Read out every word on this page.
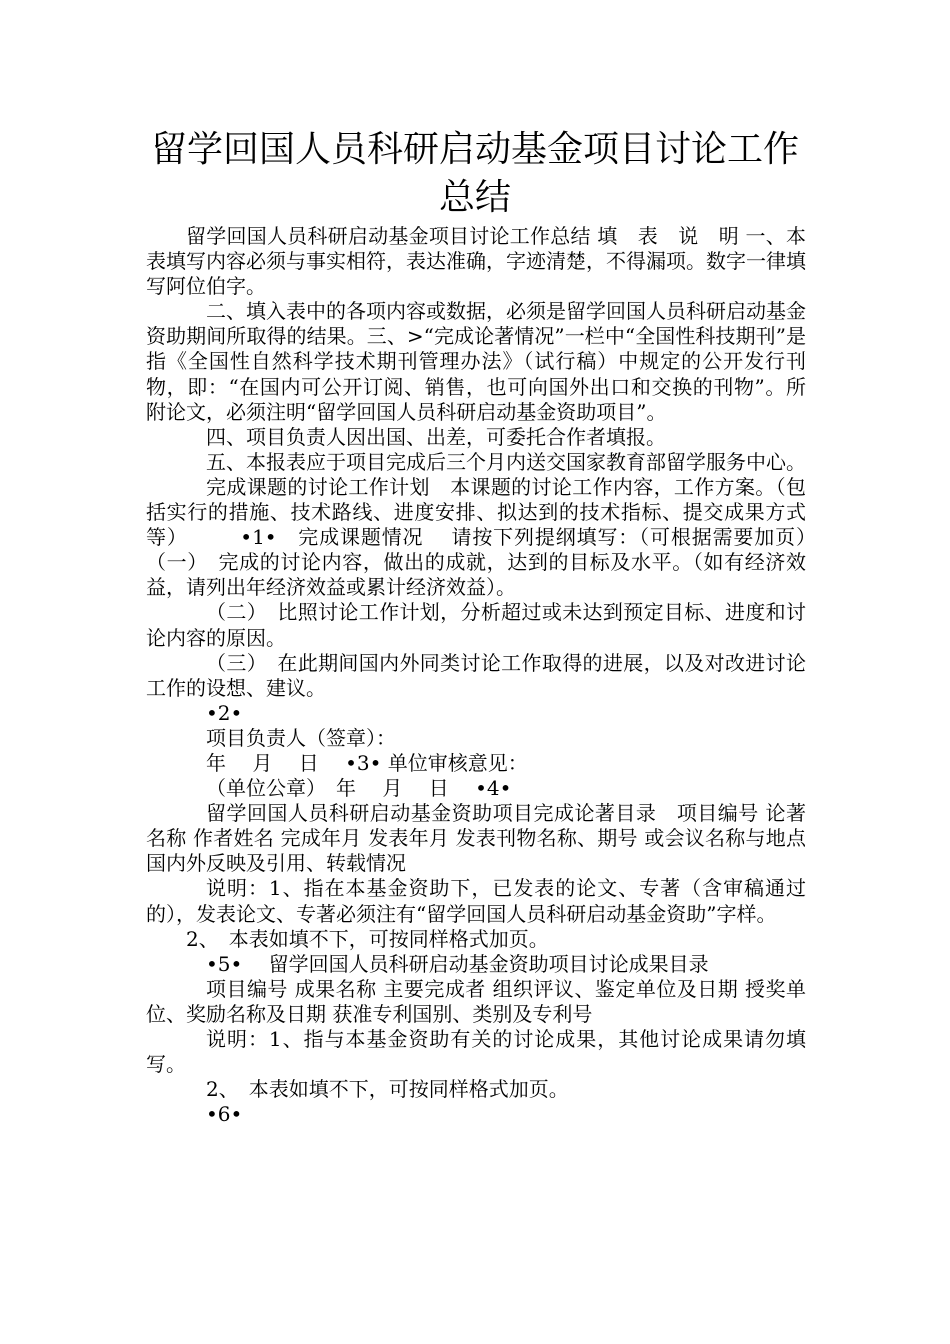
留学回国人员科研启动基金项目讨论工作
总结

留学回国人员科研启动基金项目讨论工作总结 填　表　说　明 一、本表填写内容必须与事实相符，表达准确，字迹清楚，不得漏项。数字一律填写阿位伯字。

二、填入表中的各项内容或数据，必须是留学回国人员科研启动基金资助期间所取得的结果。三、>“完成论著情况”一栏中“全国性科技期刊”是指《全国性自然科学技术期刊管理办法》（试行稿）中规定的公开发行刊物，即：“在国内可公开订阅、销售，也可向国外出口和交换的刊物”。所附论文，必须注明“留学回国人员科研启动基金资助项目”。

四、项目负责人因出国、出差，可委托合作者填报。

五、本报表应于项目完成后三个月内送交国家教育部留学服务中心。

完成课题的讨论工作计划　本课题的讨论工作内容，工作方案。（包括实行的措施、技术路线、进度安排、拟达到的技术指标、提交成果方式等）　　　•1•　完成课题情况　 请按下列提纲填写：（可根据需要加页）　（一）　完成的讨论内容，做出的成就，达到的目标及水平。（如有经济效益，请列出年经济效益或累计经济效益）。

（二）　比照讨论工作计划，分析超过或未达到预定目标、进度和讨论内容的原因。

（三）　在此期间国内外同类讨论工作取得的进展，以及对改进讨论工作的设想、建议。

•2•

项目负责人（签章）：

年　 月　 日　 •3• 单位审核意见：

（单位公章）　年　 月　 日　 •4•

留学回国人员科研启动基金资助项目完成论著目录　项目编号 论著名称 作者姓名 完成年月 发表年月 发表刊物名称、期号 或会议名称与地点 国内外反映及引用、转载情况

说明：1、指在本基金资助下，已发表的论文、专著（含审稿通过的），发表论文、专著必须注有“留学回国人员科研启动基金资助”字样。

2、　本表如填不下，可按同样格式加页。

•5•　 留学回国人员科研启动基金资助项目讨论成果目录

项目编号 成果名称 主要完成者 组织评议、鉴定单位及日期 授奖单位、奖励名称及日期 获准专利国别、类别及专利号

说明：1、指与本基金资助有关的讨论成果，其他讨论成果请勿填写。

2、　本表如填不下，可按同样格式加页。

•6•
